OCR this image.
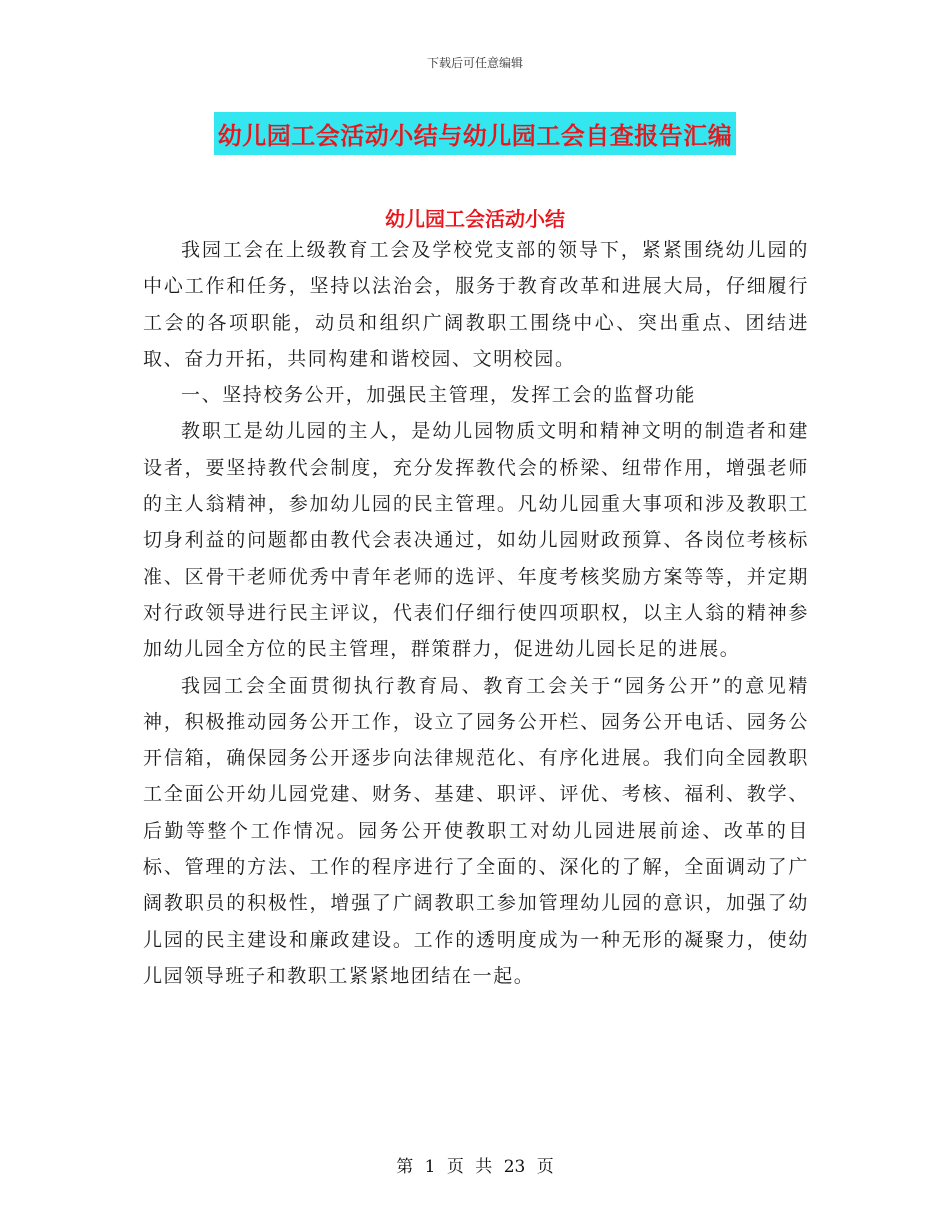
下载后可任意编辑
幼儿园工会活动小结与幼儿园工会自查报告汇编
幼儿园工会活动小结

我园工会在上级教育工会及学校党支部的领导下，紧紧围绕幼儿园的中心工作和任务，坚持以法治会，服务于教育改革和进展大局，仔细履行工会的各项职能，动员和组织广阔教职工围绕中心、突出重点、团结进取、奋力开拓，共同构建和谐校园、文明校园。

一、坚持校务公开，加强民主管理，发挥工会的监督功能

教职工是幼儿园的主人，是幼儿园物质文明和精神文明的制造者和建设者，要坚持教代会制度，充分发挥教代会的桥梁、纽带作用，增强老师的主人翁精神，参加幼儿园的民主管理。凡幼儿园重大事项和涉及教职工切身利益的问题都由教代会表决通过，如幼儿园财政预算、各岗位考核标准、区骨干老师优秀中青年老师的选评、年度考核奖励方案等等，并定期对行政领导进行民主评议，代表们仔细行使四项职权，以主人翁的精神参加幼儿园全方位的民主管理，群策群力，促进幼儿园长足的进展。

我园工会全面贯彻执行教育局、教育工会关于“园务公开”的意见精神，积极推动园务公开工作，设立了园务公开栏、园务公开电话、园务公开信箱，确保园务公开逐步向法律规范化、有序化进展。我们向全园教职工全面公开幼儿园党建、财务、基建、职评、评优、考核、福利、教学、后勤等整个工作情况。园务公开使教职工对幼儿园进展前途、改革的目标、管理的方法、工作的程序进行了全面的、深化的了解，全面调动了广阔教职员的积极性，增强了广阔教职工参加管理幼儿园的意识，加强了幼儿园的民主建设和廉政建设。工作的透明度成为一种无形的凝聚力，使幼儿园领导班子和教职工紧紧地团结在一起。

第 1 页 共 23 页
